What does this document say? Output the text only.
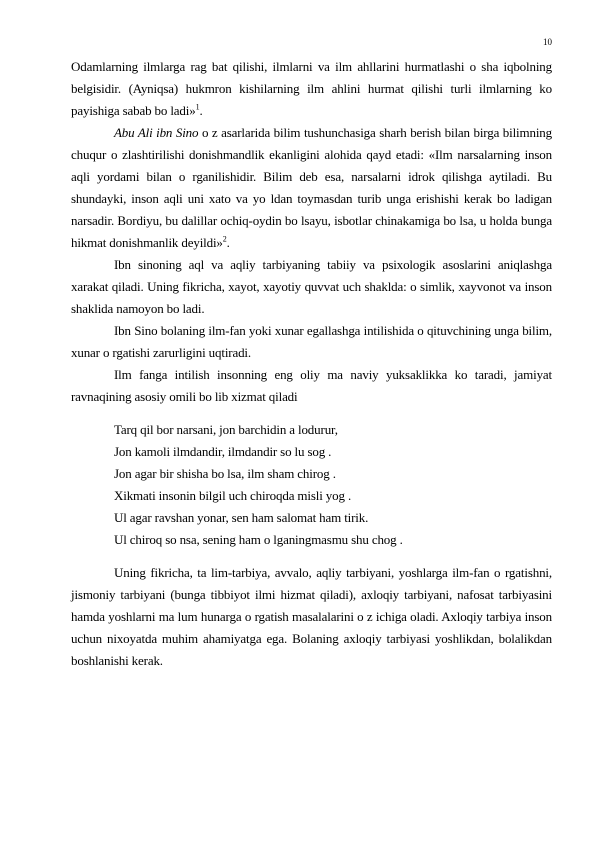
10

Odamlarning ilmlarga rag bat qilishi, ilmlarni va ilm ahllarini hurmatlashi o sha iqbolning belgisidir. (Ayniqsa) hukmron kishilarning ilm ahlini hurmat qilishi turli ilmlarning ko payishiga sabab bo ladi»$^1$.

Abu Ali ibn Sino o z asarlarida bilim tushunchasiga sharh berish bilan birga bilimning chuqur o zlashtirilishi donishmandlik ekanligini alohida qayd etadi: «Ilm narsalarning inson aqli yordami bilan o rganilishidir. Bilim deb esa, narsalarni idrok qilishga aytiladi. Bu shundayki, inson aqli uni xato va yo ldan toymasdan turib unga erishishi kerak bo ladigan narsadir. Bordiyu, bu dalillar ochiq-oydin bo lsayu, isbotlar chinakamiga bo lsa, u holda bunga hikmat donishmanlik deyildi»$^2$.

Ibn sinoning aql va aqliy tarbiyaning tabiiy va psixologik asoslarini aniqlashga xarakat qiladi. Uning fikricha, xayot, xayotiy quvvat uch shaklda: o simlik, xayvonot va inson shaklida namoyon bo ladi.

Ibn Sino bolaning ilm-fan yoki xunar egallashga intilishida o qituvchining unga bilim, xunar o rgatishi zarurligini uqtiradi.

Ilm fanga intilish insonning eng oliy ma naviy yuksaklikka ko taradi, jamiyat ravnaqining asosiy omili bo lib xizmat qiladi

Tarq qil bor narsani, jon barchidin a lodurur,
Jon kamoli ilmdandir, ilmdandir so lu sog .
Jon agar bir shisha bo lsa, ilm sham chirog .
Xikmati insonin bilgil uch chiroqda misli yog .
Ul agar ravshan yonar, sen ham salomat ham tirik.
Ul chiroq so nsa, sening ham o lganingmasmu shu chog .

Uning fikricha, ta lim-tarbiya, avvalo, aqliy tarbiyani, yoshlarga ilm-fan o rgatishni, jismoniy tarbiyani (bunga tibbiyot ilmi hizmat qiladi), axloqiy tarbiyani, nafosat tarbiyasini hamda yoshlarni ma lum hunarga o rgatish masalalarini o z ichiga oladi. Axloqiy tarbiya inson uchun nixoyatda muhim ahamiyatga ega. Bolaning axloqiy tarbiyasi yoshlikdan, bolalikdan boshlanishi kerak.
